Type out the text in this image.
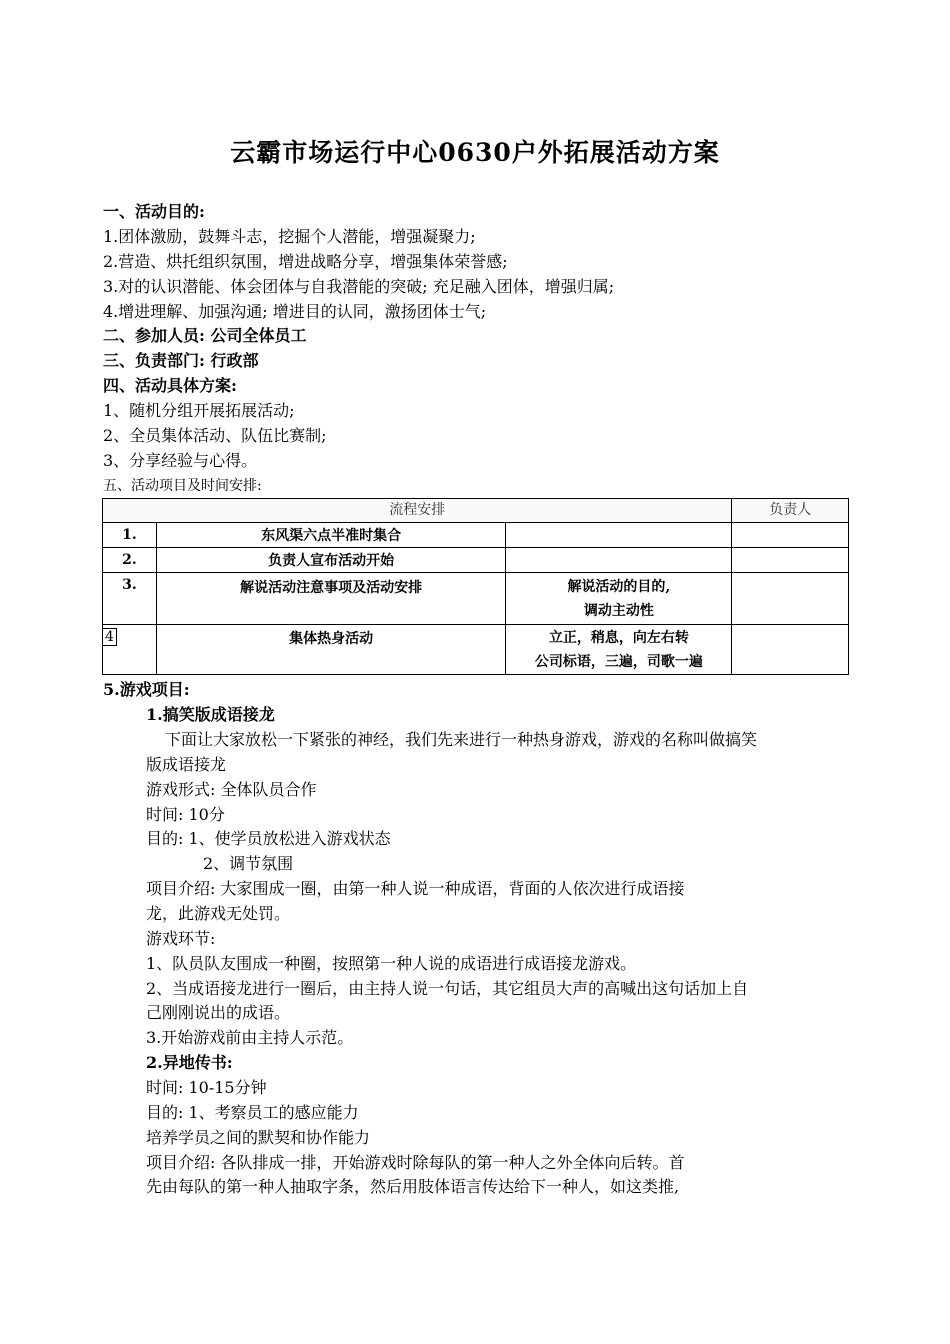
云霸市场运行中心0630户外拓展活动方案
一、活动目的:
1.团体激励，鼓舞斗志，挖掘个人潜能，增强凝聚力;
2.营造、烘托组织氛围，增进战略分享，增强集体荣誉感;
3.对的认识潜能、体会团体与自我潜能的突破; 充足融入团体，增强归属;
4.增进理解、加强沟通; 增进目的认同，激扬团体士气;
二、参加人员: 公司全体员工
三、负责部门: 行政部
四、活动具体方案:
1、随机分组开展拓展活动;
2、全员集体活动、队伍比赛制;
3、分享经验与心得。
五、活动项目及时间安排:
流程安排			负责人
1.	东风渠六点半准时集合		
2.	负责人宣布活动开始		
3.	解说活动注意事项及活动安排	解说活动的目的,
调动主动性	

4	集体热身活动	立正，稍息，向左右转
公司标语，三遍，司歌一遍	

5.游戏项目:
1.搞笑版成语接龙
下面让大家放松一下紧张的神经，我们先来进行一种热身游戏，游戏的名称叫做搞笑
版成语接龙
游戏形式: 全体队员合作
时间: 10分
目的: 1、使学员放松进入游戏状态
2、调节氛围
项目介绍: 大家围成一圈，由第一种人说一种成语，背面的人依次进行成语接
龙，此游戏无处罚。
游戏环节:
1、队员队友围成一种圈，按照第一种人说的成语进行成语接龙游戏。
2、当成语接龙进行一圈后，由主持人说一句话，其它组员大声的高喊出这句话加上自
己刚刚说出的成语。
3.开始游戏前由主持人示范。
2.异地传书:
时间: 10-15分钟
目的: 1、考察员工的感应能力
培养学员之间的默契和协作能力
项目介绍: 各队排成一排，开始游戏时除每队的第一种人之外全体向后转。首
先由每队的第一种人抽取字条，然后用肢体语言传达给下一种人，如这类推,
